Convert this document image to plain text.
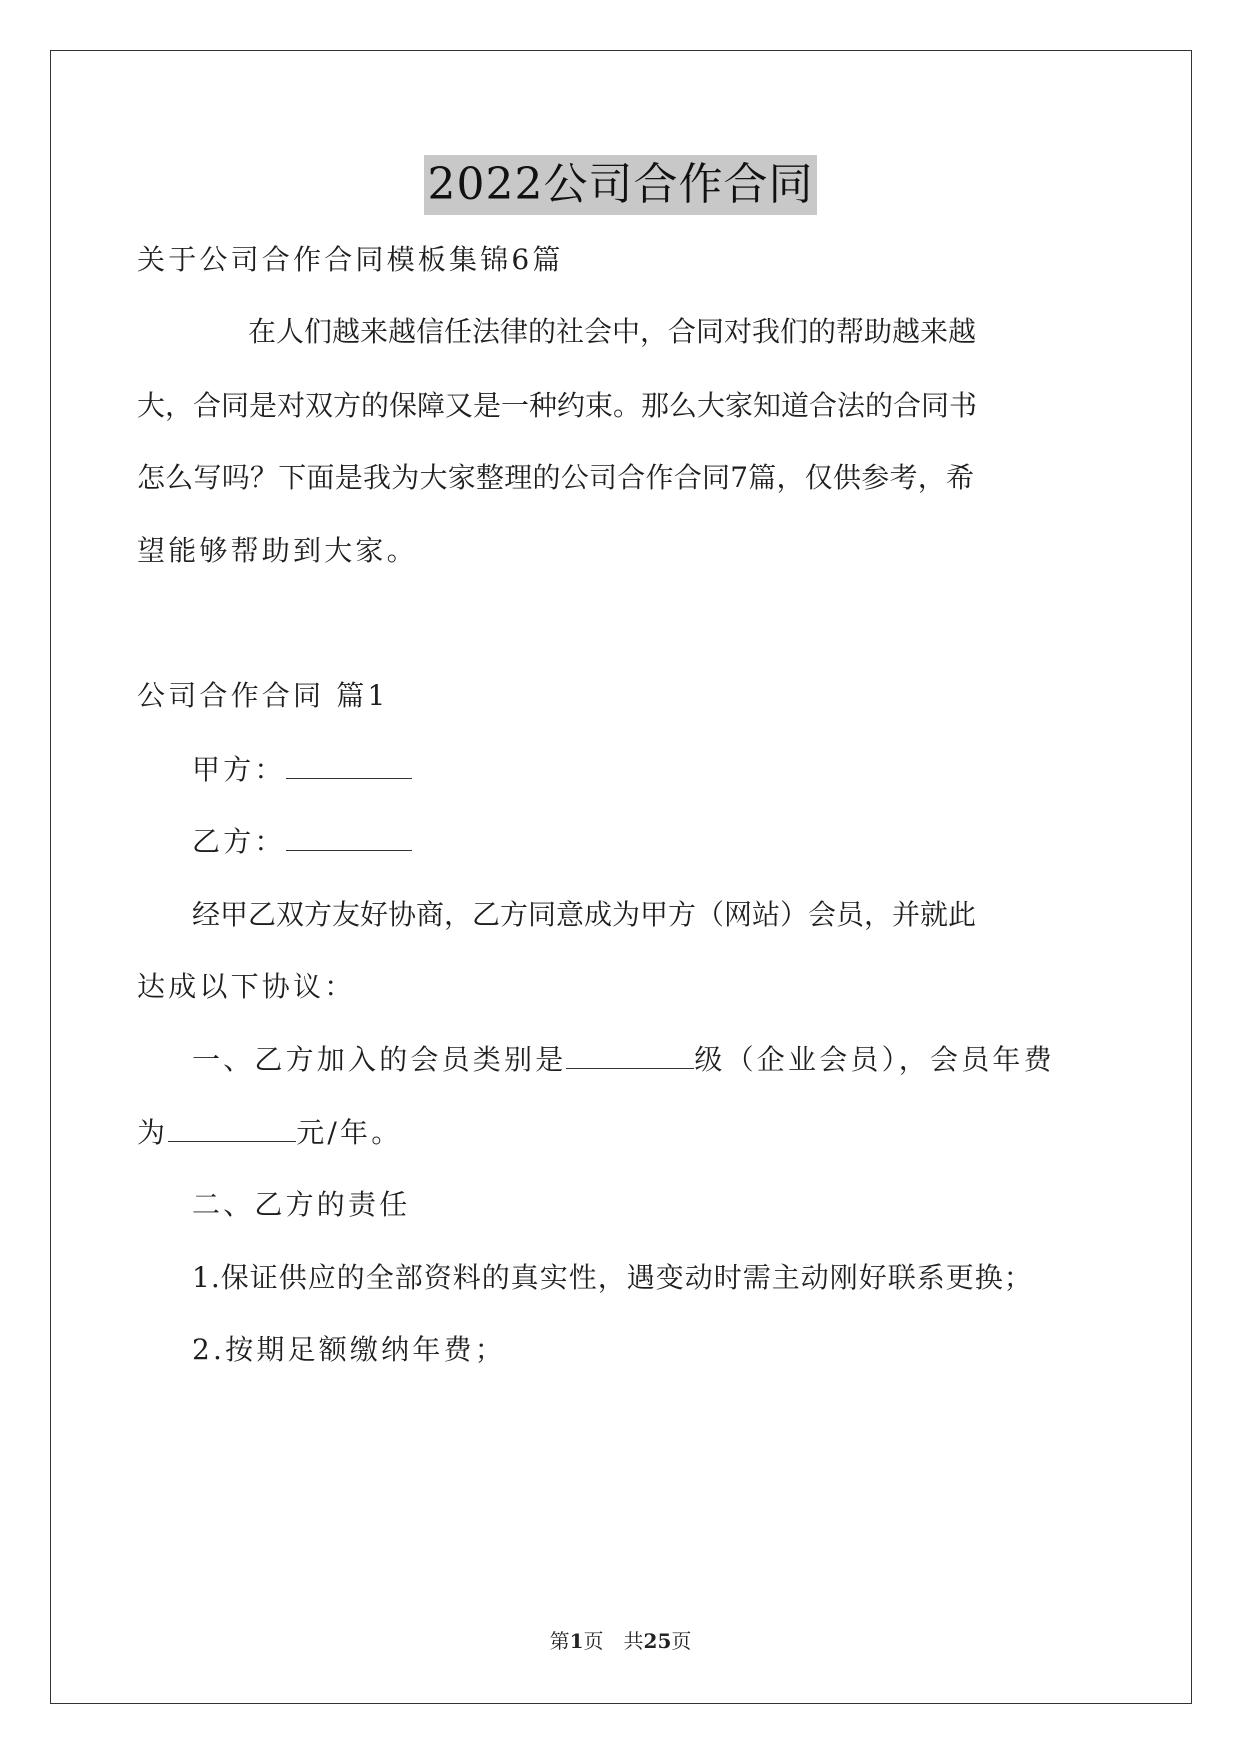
2022公司合作合同
关于公司合作合同模板集锦6篇
在人们越来越信任法律的社会中，合同对我们的帮助越来越
大，合同是对双方的保障又是一种约束。那么大家知道合法的合同书
怎么写吗？下面是我为大家整理的公司合作合同7篇，仅供参考，希
望能够帮助到大家。
公司合作合同 篇1
甲方：
乙方：
经甲乙双方友好协商，乙方同意成为甲方（网站）会员，并就此
达成以下协议：
一、乙方加入的会员类别是	级（企业会员），会员年费
为	元/年。
二、乙方的责任
1.保证供应的全部资料的真实性，遇变动时需主动刚好联系更换；
2.按期足额缴纳年费；
第1页　共25页
